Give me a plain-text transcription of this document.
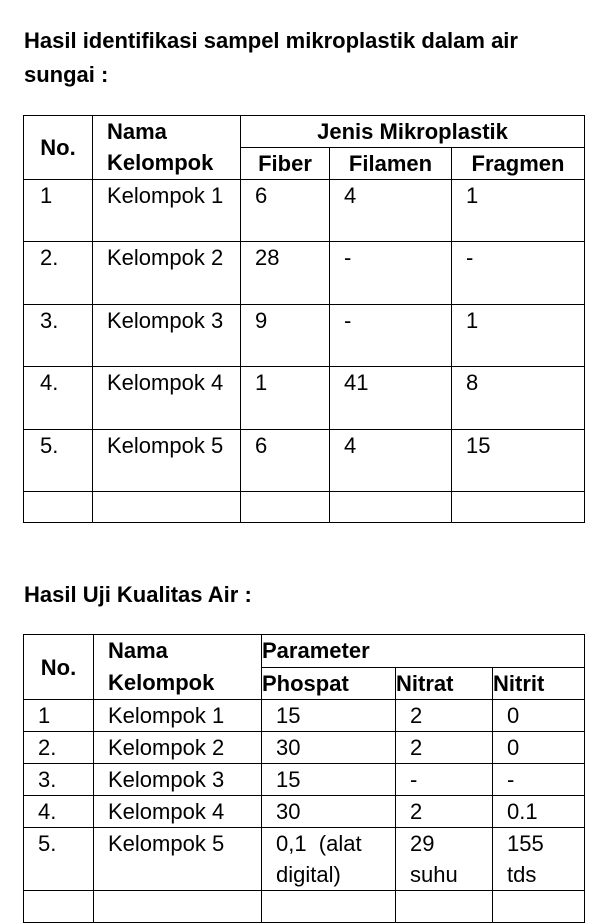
Hasil identifikasi sampel mikroplastik dalam air sungai :
No.	Nama Kelompok	Jenis Mikroplastik		
		Fiber	Filamen	Fragmen
1	Kelompok 1	6	4	1
2.	Kelompok 2	28	-	-
3.	Kelompok 3	9	-	1
4.	Kelompok 4	1	41	8
5.	Kelompok 5	6	4	15

Hasil Uji Kualitas Air :
No.	Nama Kelompok	Parameter		
		Phospat	Nitrat	Nitrit
1	Kelompok 1	15	2	0
2.	Kelompok 2	30	2	0
3.	Kelompok 3	15	-	-
4.	Kelompok 4	30	2	0.1
5.	Kelompok 5	0,1  (alat digital)	29 suhu	155 tds
